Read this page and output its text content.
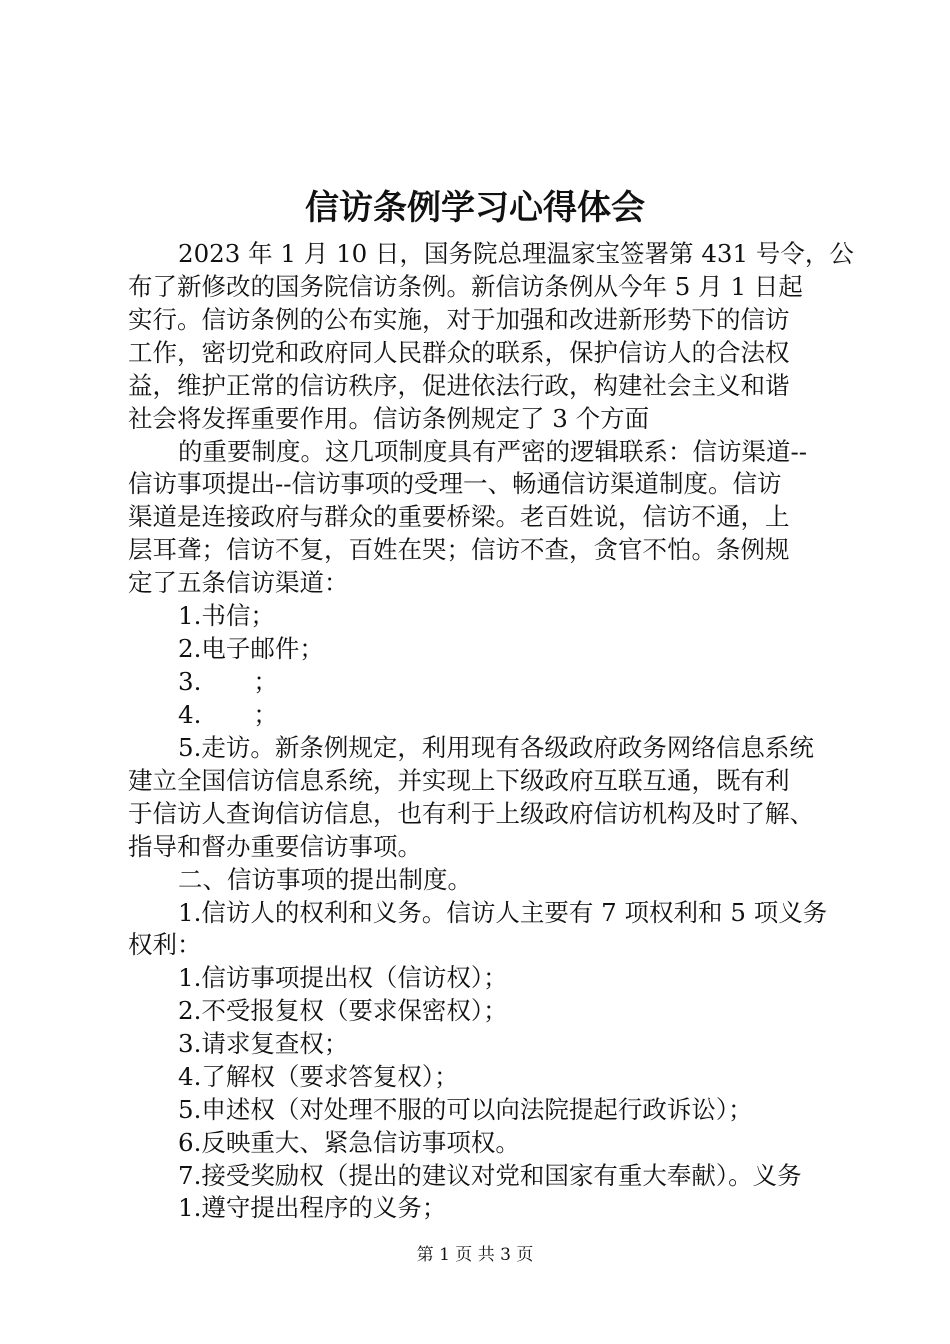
信访条例学习心得体会
2023 年 1 月 10 日，国务院总理温家宝签署第 431 号令，公
布了新修改的国务院信访条例。新信访条例从今年 5 月 1 日起
实行。信访条例的公布实施，对于加强和改进新形势下的信访
工作，密切党和政府同人民群众的联系，保护信访人的合法权
益，维护正常的信访秩序，促进依法行政，构建社会主义和谐
社会将发挥重要作用。信访条例规定了 3 个方面
的重要制度。这几项制度具有严密的逻辑联系：信访渠道--
信访事项提出--信访事项的受理一、畅通信访渠道制度。信访
渠道是连接政府与群众的重要桥梁。老百姓说，信访不通，上
层耳聋；信访不复，百姓在哭；信访不查，贪官不怕。条例规
定了五条信访渠道：
1.书信；
2.电子邮件；
3. ；
4. ；
5.走访。新条例规定，利用现有各级政府政务网络信息系统
建立全国信访信息系统，并实现上下级政府互联互通，既有利
于信访人查询信访信息，也有利于上级政府信访机构及时了解、
指导和督办重要信访事项。
二、信访事项的提出制度。
1.信访人的权利和义务。信访人主要有 7 项权利和 5 项义务
权利：
1.信访事项提出权（信访权）；
2.不受报复权（要求保密权）；
3.请求复查权；
4.了解权（要求答复权）；
5.申述权（对处理不服的可以向法院提起行政诉讼）；
6.反映重大、紧急信访事项权。
7.接受奖励权（提出的建议对党和国家有重大奉献）。义务
1.遵守提出程序的义务；
第 1 页 共 3 页
